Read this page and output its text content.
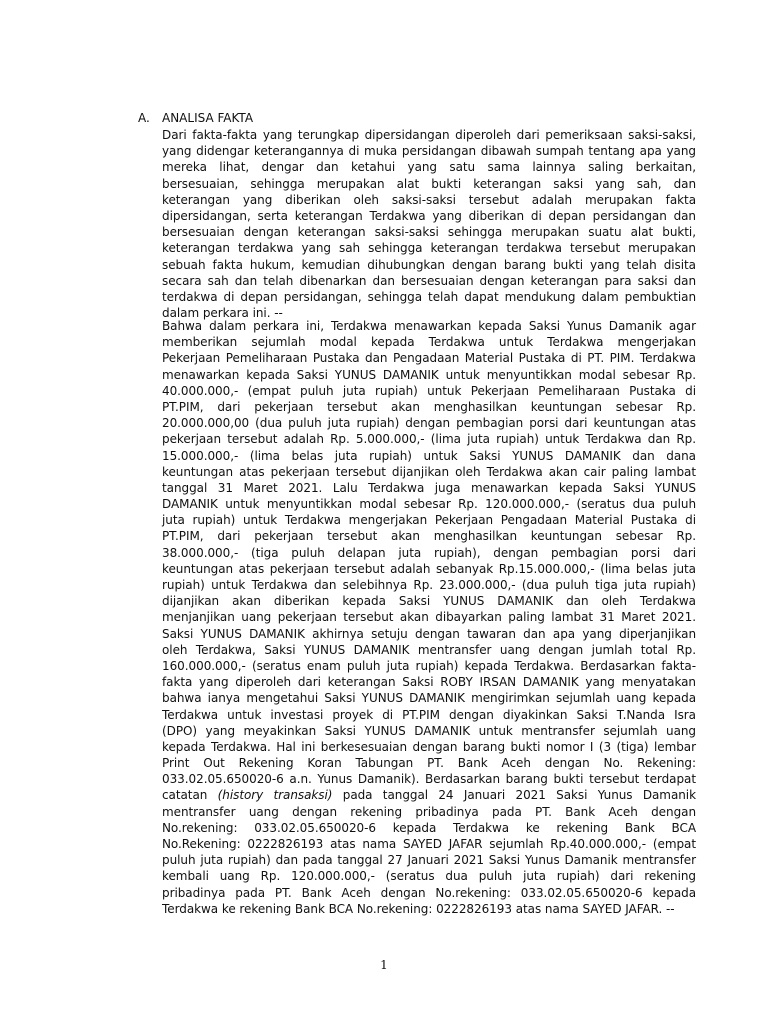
A. ANALISA FAKTA
Dari fakta-fakta yang terungkap dipersidangan diperoleh dari pemeriksaan saksi-saksi,
yang didengar keterangannya di muka persidangan dibawah sumpah tentang apa yang
mereka lihat, dengar dan ketahui yang satu sama lainnya saling berkaitan,
bersesuaian, sehingga merupakan alat bukti keterangan saksi yang sah, dan
keterangan yang diberikan oleh saksi-saksi tersebut adalah merupakan fakta
dipersidangan, serta keterangan Terdakwa yang diberikan di depan persidangan dan
bersesuaian dengan keterangan saksi-saksi sehingga merupakan suatu alat bukti,
keterangan terdakwa yang sah sehingga keterangan terdakwa tersebut merupakan
sebuah fakta hukum, kemudian dihubungkan dengan barang bukti yang telah disita
secara sah dan telah dibenarkan dan bersesuaian dengan keterangan para saksi dan
terdakwa di depan persidangan, sehingga telah dapat mendukung dalam pembuktian
dalam perkara ini. --
Bahwa dalam perkara ini, Terdakwa menawarkan kepada Saksi Yunus Damanik agar
memberikan sejumlah modal kepada Terdakwa untuk Terdakwa mengerjakan
Pekerjaan Pemeliharaan Pustaka dan Pengadaan Material Pustaka di PT. PIM. Terdakwa
menawarkan kepada Saksi YUNUS DAMANIK untuk menyuntikkan modal sebesar Rp.
40.000.000,- (empat puluh juta rupiah) untuk Pekerjaan Pemeliharaan Pustaka di
PT.PIM, dari pekerjaan tersebut akan menghasilkan keuntungan sebesar Rp.
20.000.000,00 (dua puluh juta rupiah) dengan pembagian porsi dari keuntungan atas
pekerjaan tersebut adalah Rp. 5.000.000,- (lima juta rupiah) untuk Terdakwa dan Rp.
15.000.000,- (lima belas juta rupiah) untuk Saksi YUNUS DAMANIK dan dana
keuntungan atas pekerjaan tersebut dijanjikan oleh Terdakwa akan cair paling lambat
tanggal 31 Maret 2021. Lalu Terdakwa juga menawarkan kepada Saksi YUNUS
DAMANIK untuk menyuntikkan modal sebesar Rp. 120.000.000,- (seratus dua puluh
juta rupiah) untuk Terdakwa mengerjakan Pekerjaan Pengadaan Material Pustaka di
PT.PIM, dari pekerjaan tersebut akan menghasilkan keuntungan sebesar Rp.
38.000.000,- (tiga puluh delapan juta rupiah), dengan pembagian porsi dari
keuntungan atas pekerjaan tersebut adalah sebanyak Rp.15.000.000,- (lima belas juta
rupiah) untuk Terdakwa dan selebihnya Rp. 23.000.000,- (dua puluh tiga juta rupiah)
dijanjikan akan diberikan kepada Saksi YUNUS DAMANIK dan oleh Terdakwa
menjanjikan uang pekerjaan tersebut akan dibayarkan paling lambat 31 Maret 2021.
Saksi YUNUS DAMANIK akhirnya setuju dengan tawaran dan apa yang diperjanjikan
oleh Terdakwa, Saksi YUNUS DAMANIK mentransfer uang dengan jumlah total Rp.
160.000.000,- (seratus enam puluh juta rupiah) kepada Terdakwa. Berdasarkan fakta-
fakta yang diperoleh dari keterangan Saksi ROBY IRSAN DAMANIK yang menyatakan
bahwa ianya mengetahui Saksi YUNUS DAMANIK mengirimkan sejumlah uang kepada
Terdakwa untuk investasi proyek di PT.PIM dengan diyakinkan Saksi T.Nanda Isra
(DPO) yang meyakinkan Saksi YUNUS DAMANIK untuk mentransfer sejumlah uang
kepada Terdakwa. Hal ini berkesesuaian dengan barang bukti nomor I (3 (tiga) lembar
Print Out Rekening Koran Tabungan PT. Bank Aceh dengan No. Rekening:
033.02.05.650020-6 a.n. Yunus Damanik). Berdasarkan barang bukti tersebut terdapat
catatan (history transaksi) pada tanggal 24 Januari 2021 Saksi Yunus Damanik
mentransfer uang dengan rekening pribadinya pada PT. Bank Aceh dengan
No.rekening: 033.02.05.650020-6 kepada Terdakwa ke rekening Bank BCA
No.Rekening: 0222826193 atas nama SAYED JAFAR sejumlah Rp.40.000.000,- (empat
puluh juta rupiah) dan pada tanggal 27 Januari 2021 Saksi Yunus Damanik mentransfer
kembali uang Rp. 120.000.000,- (seratus dua puluh juta rupiah) dari rekening
pribadinya pada PT. Bank Aceh dengan No.rekening: 033.02.05.650020-6 kepada
Terdakwa ke rekening Bank BCA No.rekening: 0222826193 atas nama SAYED JAFAR. --
1
